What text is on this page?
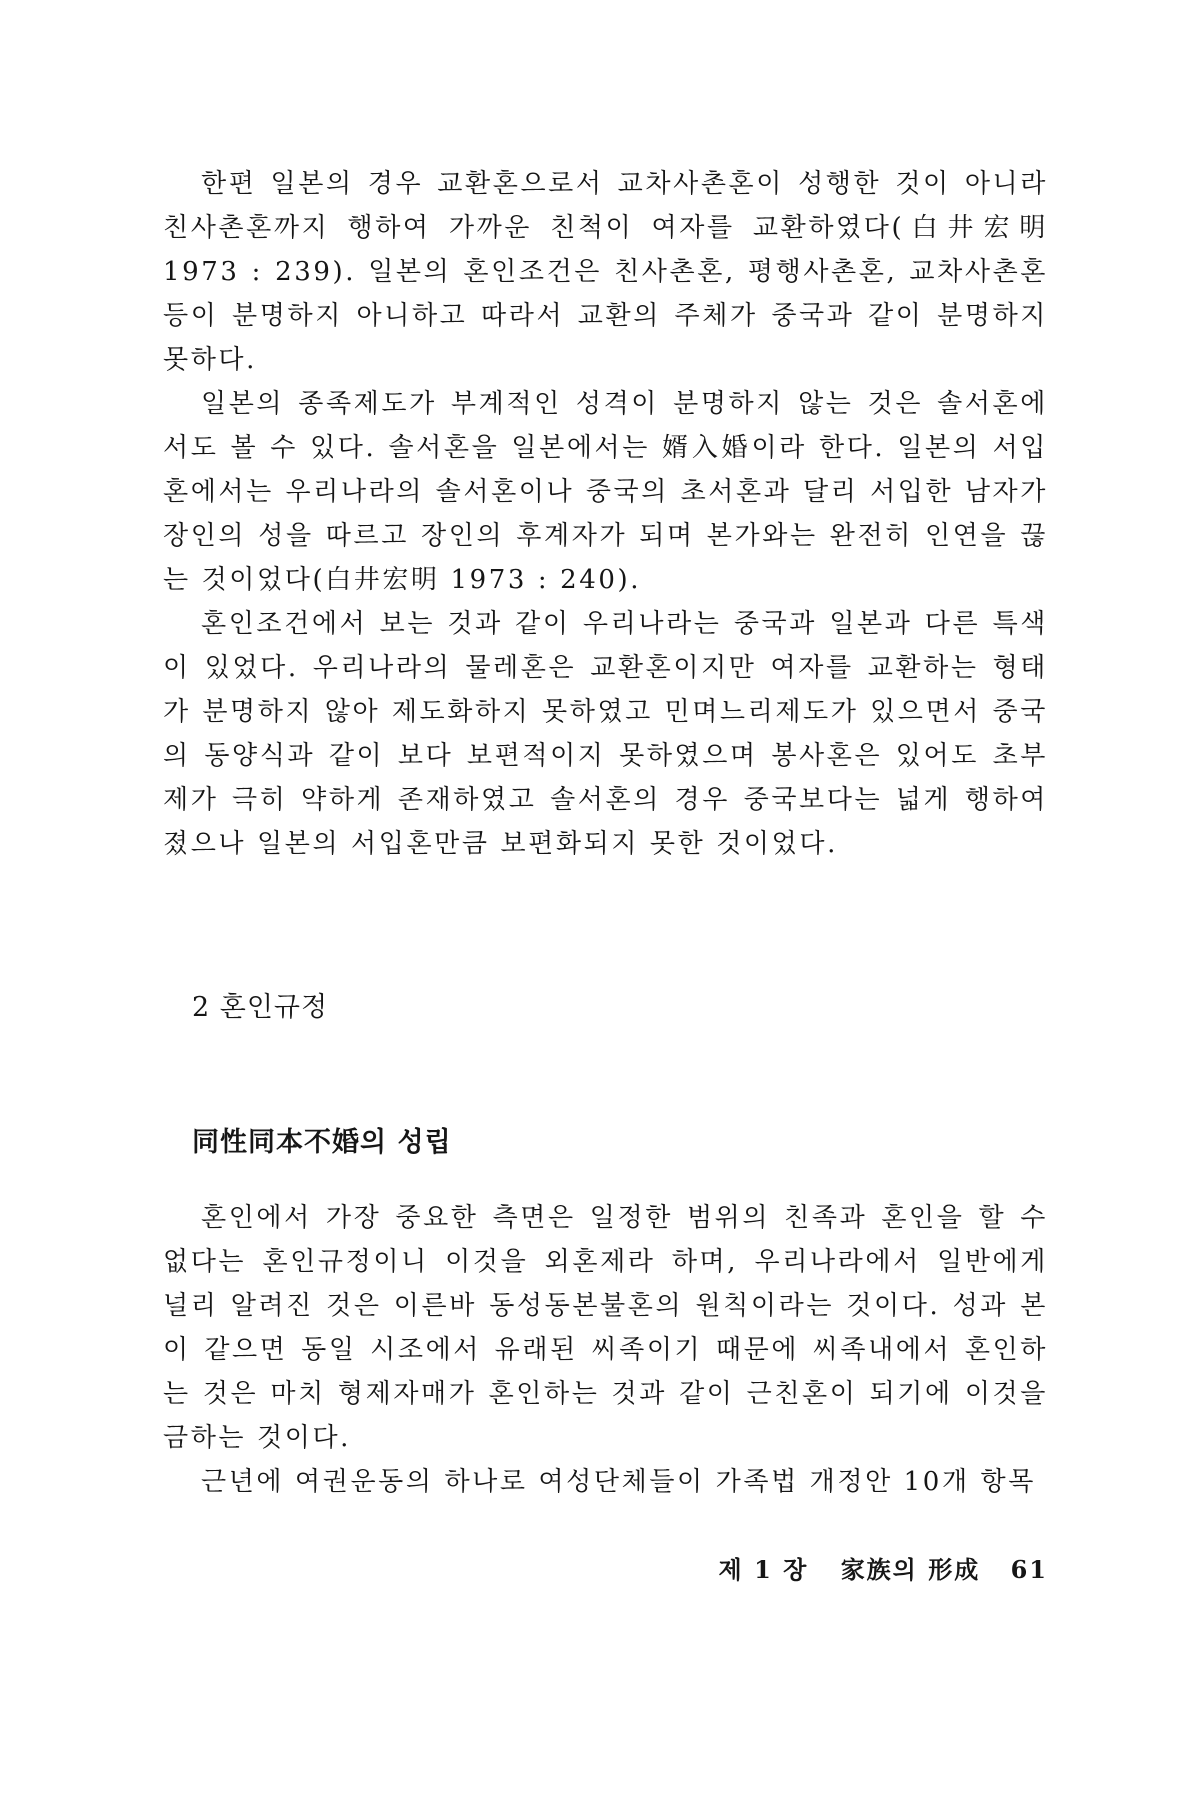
한편 일본의 경우 교환혼으로서 교차사촌혼이 성행한 것이 아니라 친사촌혼까지 행하여 가까운 친척이 여자를 교환하였다(白井宏明 1973 : 239). 일본의 혼인조건은 친사촌혼, 평행사촌혼, 교차사촌혼 등이 분명하지 아니하고 따라서 교환의 주체가 중국과 같이 분명하지 못하다.

일본의 종족제도가 부계적인 성격이 분명하지 않는 것은 솔서혼에서도 볼 수 있다. 솔서혼을 일본에서는 婿入婚이라 한다. 일본의 서입혼에서는 우리나라의 솔서혼이나 중국의 초서혼과 달리 서입한 남자가 장인의 성을 따르고 장인의 후계자가 되며 본가와는 완전히 인연을 끊는 것이었다(白井宏明 1973 : 240).

혼인조건에서 보는 것과 같이 우리나라는 중국과 일본과 다른 특색이 있었다. 우리나라의 물레혼은 교환혼이지만 여자를 교환하는 형태가 분명하지 않아 제도화하지 못하였고 민며느리제도가 있으면서 중국의 동양식과 같이 보다 보편적이지 못하였으며 봉사혼은 있어도 초부제가 극히 약하게 존재하였고 솔서혼의 경우 중국보다는 넓게 행하여졌으나 일본의 서입혼만큼 보편화되지 못한 것이었다.

2 혼인규정
同性同本不婚의 성립

혼인에서 가장 중요한 측면은 일정한 범위의 친족과 혼인을 할 수 없다는 혼인규정이니 이것을 외혼제라 하며, 우리나라에서 일반에게 널리 알려진 것은 이른바 동성동본불혼의 원칙이라는 것이다. 성과 본이 같으면 동일 시조에서 유래된 씨족이기 때문에 씨족내에서 혼인하는 것은 마치 형제자매가 혼인하는 것과 같이 근친혼이 되기에 이것을 금하는 것이다.

근년에 여권운동의 하나로 여성단체들이 가족법 개정안 10개 항목

제 1 장 家族의 形成 61
